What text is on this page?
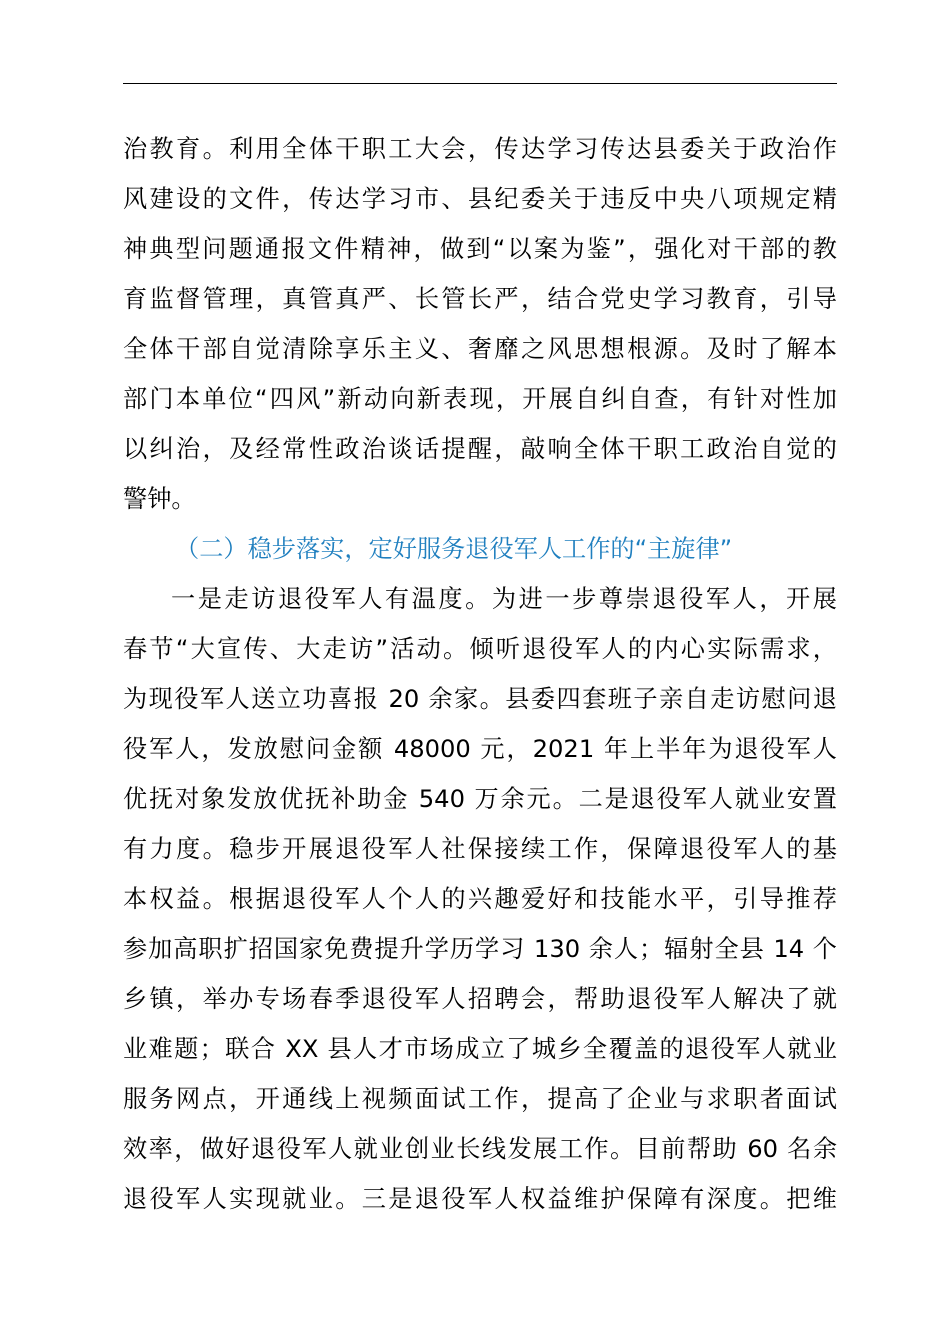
治教育。利用全体干职工大会，传达学习传达县委关于政治作
风建设的文件，传达学习市、县纪委关于违反中央八项规定精
神典型问题通报文件精神，做到“以案为鉴”，强化对干部的教
育监督管理，真管真严、长管长严，结合党史学习教育，引导
全体干部自觉清除享乐主义、奢靡之风思想根源。及时了解本
部门本单位“四风”新动向新表现，开展自纠自查，有针对性加
以纠治，及经常性政治谈话提醒，敲响全体干职工政治自觉的
警钟。
（二）稳步落实，定好服务退役军人工作的“主旋律”
一是走访退役军人有温度。为进一步尊崇退役军人，开展
春节“大宣传、大走访”活动。倾听退役军人的内心实际需求，
为现役军人送立功喜报 20 余家。县委四套班子亲自走访慰问退
役军人，发放慰问金额 48000 元，2021 年上半年为退役军人
优抚对象发放优抚补助金 540 万余元。二是退役军人就业安置
有力度。稳步开展退役军人社保接续工作，保障退役军人的基
本权益。根据退役军人个人的兴趣爱好和技能水平，引导推荐
参加高职扩招国家免费提升学历学习 130 余人；辐射全县 14 个
乡镇，举办专场春季退役军人招聘会，帮助退役军人解决了就
业难题；联合 XX 县人才市场成立了城乡全覆盖的退役军人就业
服务网点，开通线上视频面试工作，提高了企业与求职者面试
效率，做好退役军人就业创业长线发展工作。目前帮助 60 名余
退役军人实现就业。三是退役军人权益维护保障有深度。把维
